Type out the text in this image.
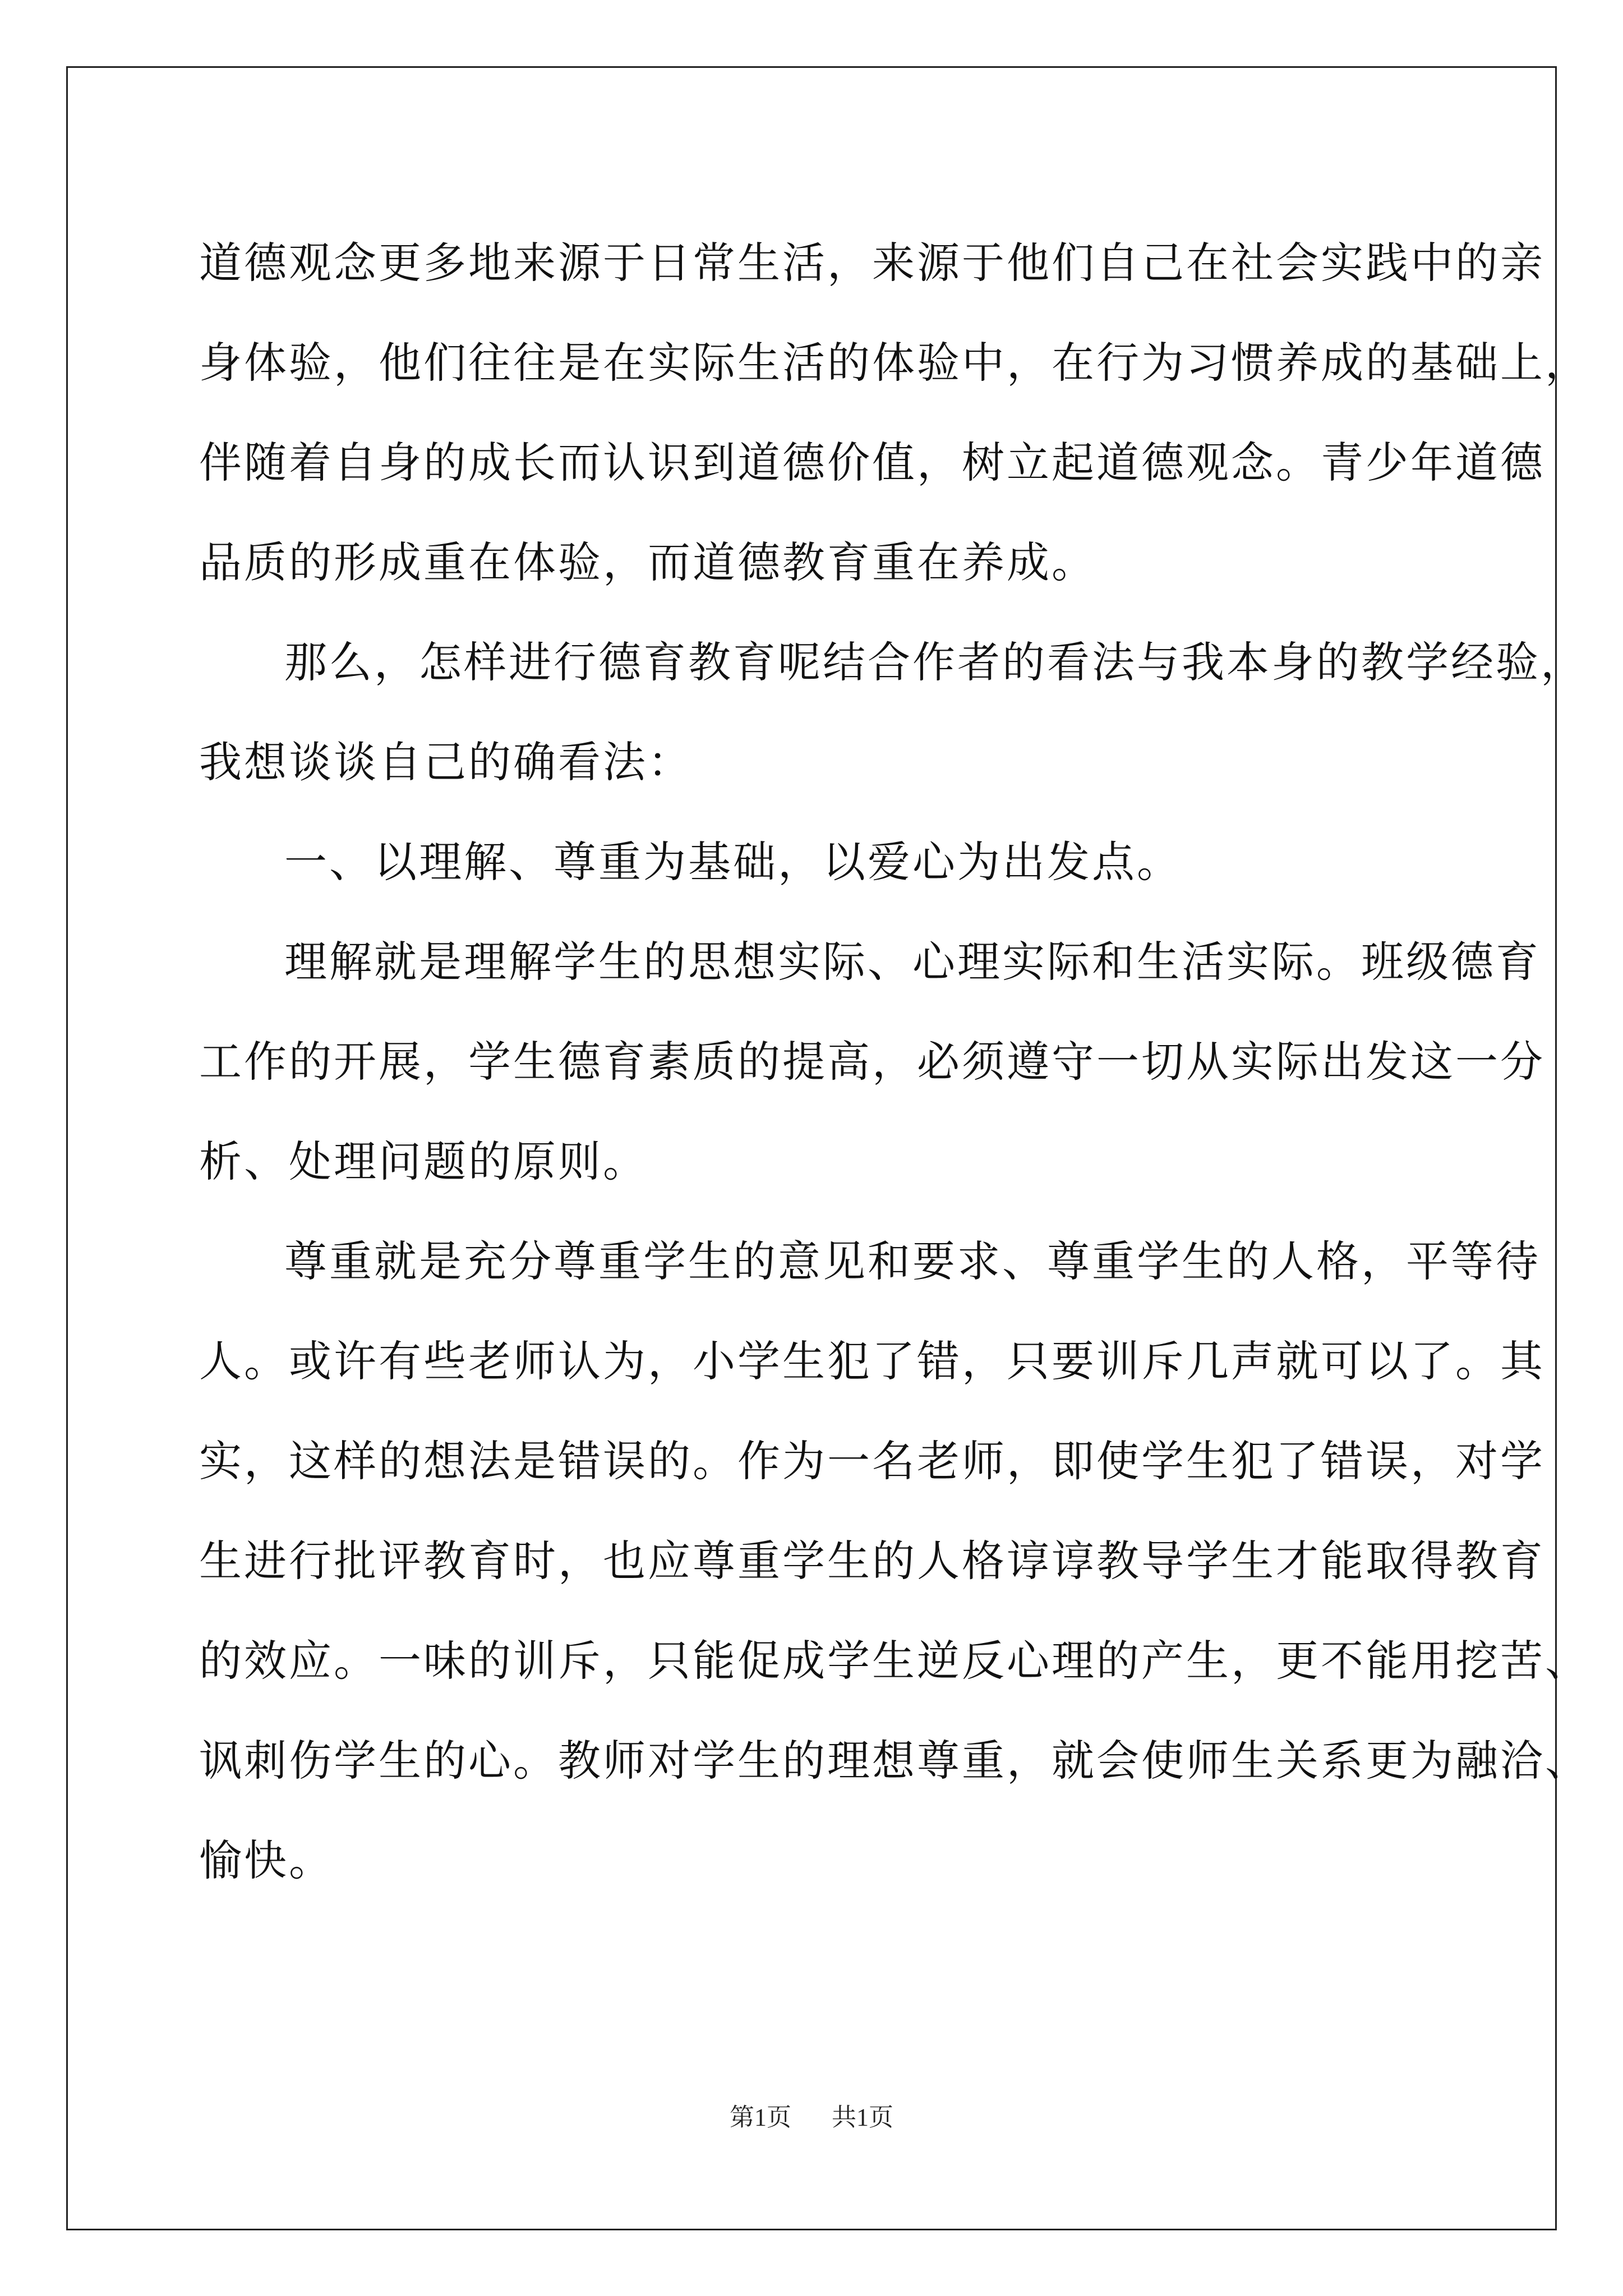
道德观念更多地来源于日常生活，来源于他们自己在社会实践中的亲
身体验，他们往往是在实际生活的体验中，在行为习惯养成的基础上，
伴随着自身的成长而认识到道德价值，树立起道德观念。青少年道德
品质的形成重在体验，而道德教育重在养成。
那么，怎样进行德育教育呢结合作者的看法与我本身的教学经验，
我想谈谈自己的确看法：
一、以理解、尊重为基础，以爱心为出发点。
理解就是理解学生的思想实际、心理实际和生活实际。班级德育
工作的开展，学生德育素质的提高，必须遵守一切从实际出发这一分
析、处理问题的原则。
尊重就是充分尊重学生的意见和要求、尊重学生的人格，平等待
人。或许有些老师认为，小学生犯了错，只要训斥几声就可以了。其
实，这样的想法是错误的。作为一名老师，即使学生犯了错误，对学
生进行批评教育时，也应尊重学生的人格谆谆教导学生才能取得教育
的效应。一味的训斥，只能促成学生逆反心理的产生，更不能用挖苦、
讽刺伤学生的心。教师对学生的理想尊重，就会使师生关系更为融洽、
愉快。
第1页 共1页
